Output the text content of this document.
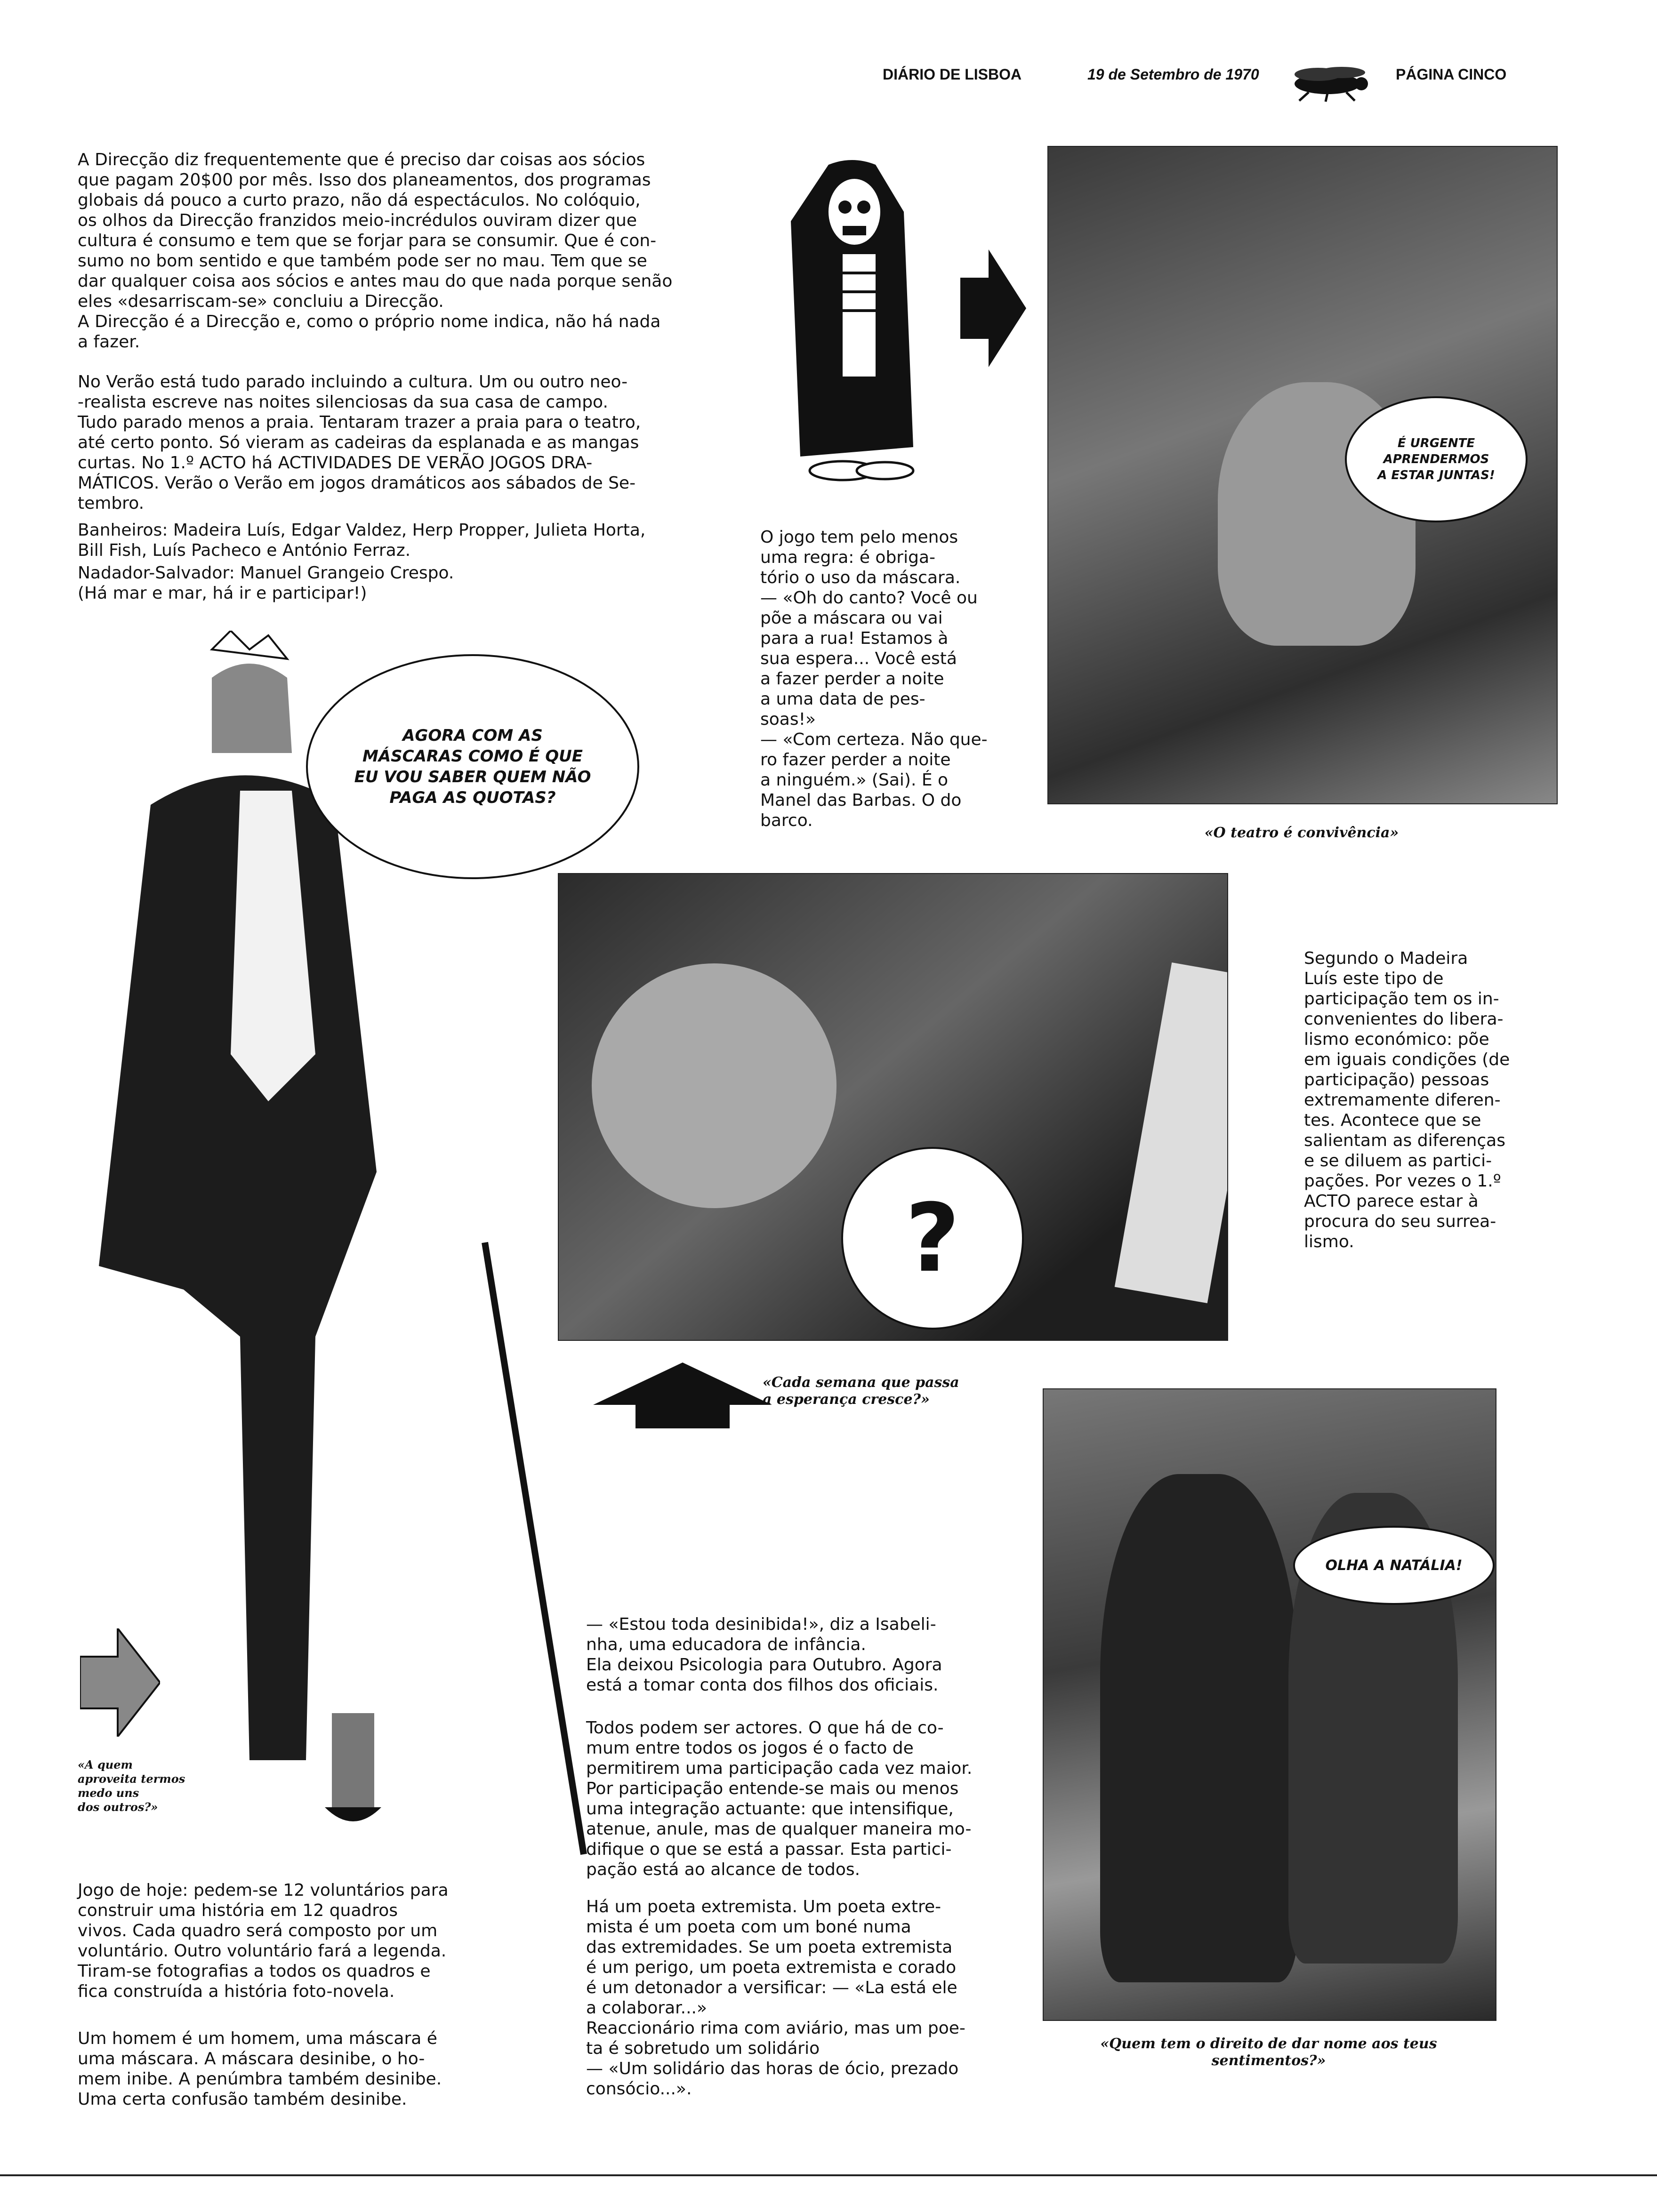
DIÁRIO DE LISBOA	19 de Setembro de 1970	PÁGINA CINCO
A Direcção diz frequentemente que é preciso dar coisas aos sócios
que pagam 20$00 por mês. Isso dos planeamentos, dos programas
globais dá pouco a curto prazo, não dá espectáculos. No colóquio,
os olhos da Direcção franzidos meio-incrédulos ouviram dizer que
cultura é consumo e tem que se forjar para se consumir. Que é con-
sumo no bom sentido e que também pode ser no mau. Tem que se
dar qualquer coisa aos sócios e antes mau do que nada porque senão
eles «desarriscam-se» concluiu a Direcção.
A Direcção é a Direcção e, como o próprio nome indica, não há nada
a fazer.
No Verão está tudo parado incluindo a cultura. Um ou outro neo-
-realista escreve nas noites silenciosas da sua casa de campo.
Tudo parado menos a praia. Tentaram trazer a praia para o teatro,
até certo ponto. Só vieram as cadeiras da esplanada e as mangas
curtas. No 1.º ACTO há ACTIVIDADES DE VERÃO JOGOS DRA-
MÁTICOS. Verão o Verão em jogos dramáticos aos sábados de Se-
tembro.
Banheiros: Madeira Luís, Edgar Valdez, Herp Propper, Julieta Horta,
Bill Fish, Luís Pacheco e António Ferraz.
Nadador-Salvador: Manuel Grangeio Crespo.
(Há mar e mar, há ir e participar!)
É URGENTE
APRENDERMOS
A ESTAR JUNTAS!
«O teatro é convivência»
O jogo tem pelo menos
uma regra: é obriga-
tório o uso da máscara.
— «Oh do canto? Você ou
põe a máscara ou vai
para a rua! Estamos à
sua espera... Você está
a fazer perder a noite
a uma data de pes-
soas!»
— «Com certeza. Não que-
ro fazer perder a noite
a ninguém.» (Sai). É o
Manel das Barbas. O do
barco.
AGORA COM AS
MÁSCARAS COMO É QUE
EU VOU SABER QUEM NÃO
PAGA AS QUOTAS?
?
«Cada semana que passa
a esperança cresce?»
Segundo o Madeira
Luís este tipo de
participação tem os in-
convenientes do libera-
lismo económico: põe
em iguais condições (de
participação) pessoas
extremamente diferen-
tes. Acontece que se
salientam as diferenças
e se diluem as partici-
pações. Por vezes o 1.º
ACTO parece estar à
procura do seu surrea-
lismo.
OLHA A NATÁLIA!
«Quem tem o direito de dar nome aos teus
sentimentos?»
«A quem
aproveita termos
medo uns
dos outros?»
Jogo de hoje: pedem-se 12 voluntários para
construir uma história em 12 quadros
vivos. Cada quadro será composto por um
voluntário. Outro voluntário fará a legenda.
Tiram-se fotografias a todos os quadros e
fica construída a história foto-novela.
Um homem é um homem, uma máscara é
uma máscara. A máscara desinibe, o ho-
mem inibe. A penúmbra também desinibe.
Uma certa confusão também desinibe.
— «Estou toda desinibida!», diz a Isabeli-
nha, uma educadora de infância.
Ela deixou Psicologia para Outubro. Agora
está a tomar conta dos filhos dos oficiais.
Todos podem ser actores. O que há de co-
mum entre todos os jogos é o facto de
permitirem uma participação cada vez maior.
Por participação entende-se mais ou menos
uma integração actuante: que intensifique,
atenue, anule, mas de qualquer maneira mo-
difique o que se está a passar. Esta partici-
pação está ao alcance de todos.
Há um poeta extremista. Um poeta extre-
mista é um poeta com um boné numa
das extremidades. Se um poeta extremista
é um perigo, um poeta extremista e corado
é um detonador a versificar: — «La está ele
a colaborar...»
Reaccionário rima com aviário, mas um poe-
ta é sobretudo um solidário
— «Um solidário das horas de ócio, prezado
consócio...».
